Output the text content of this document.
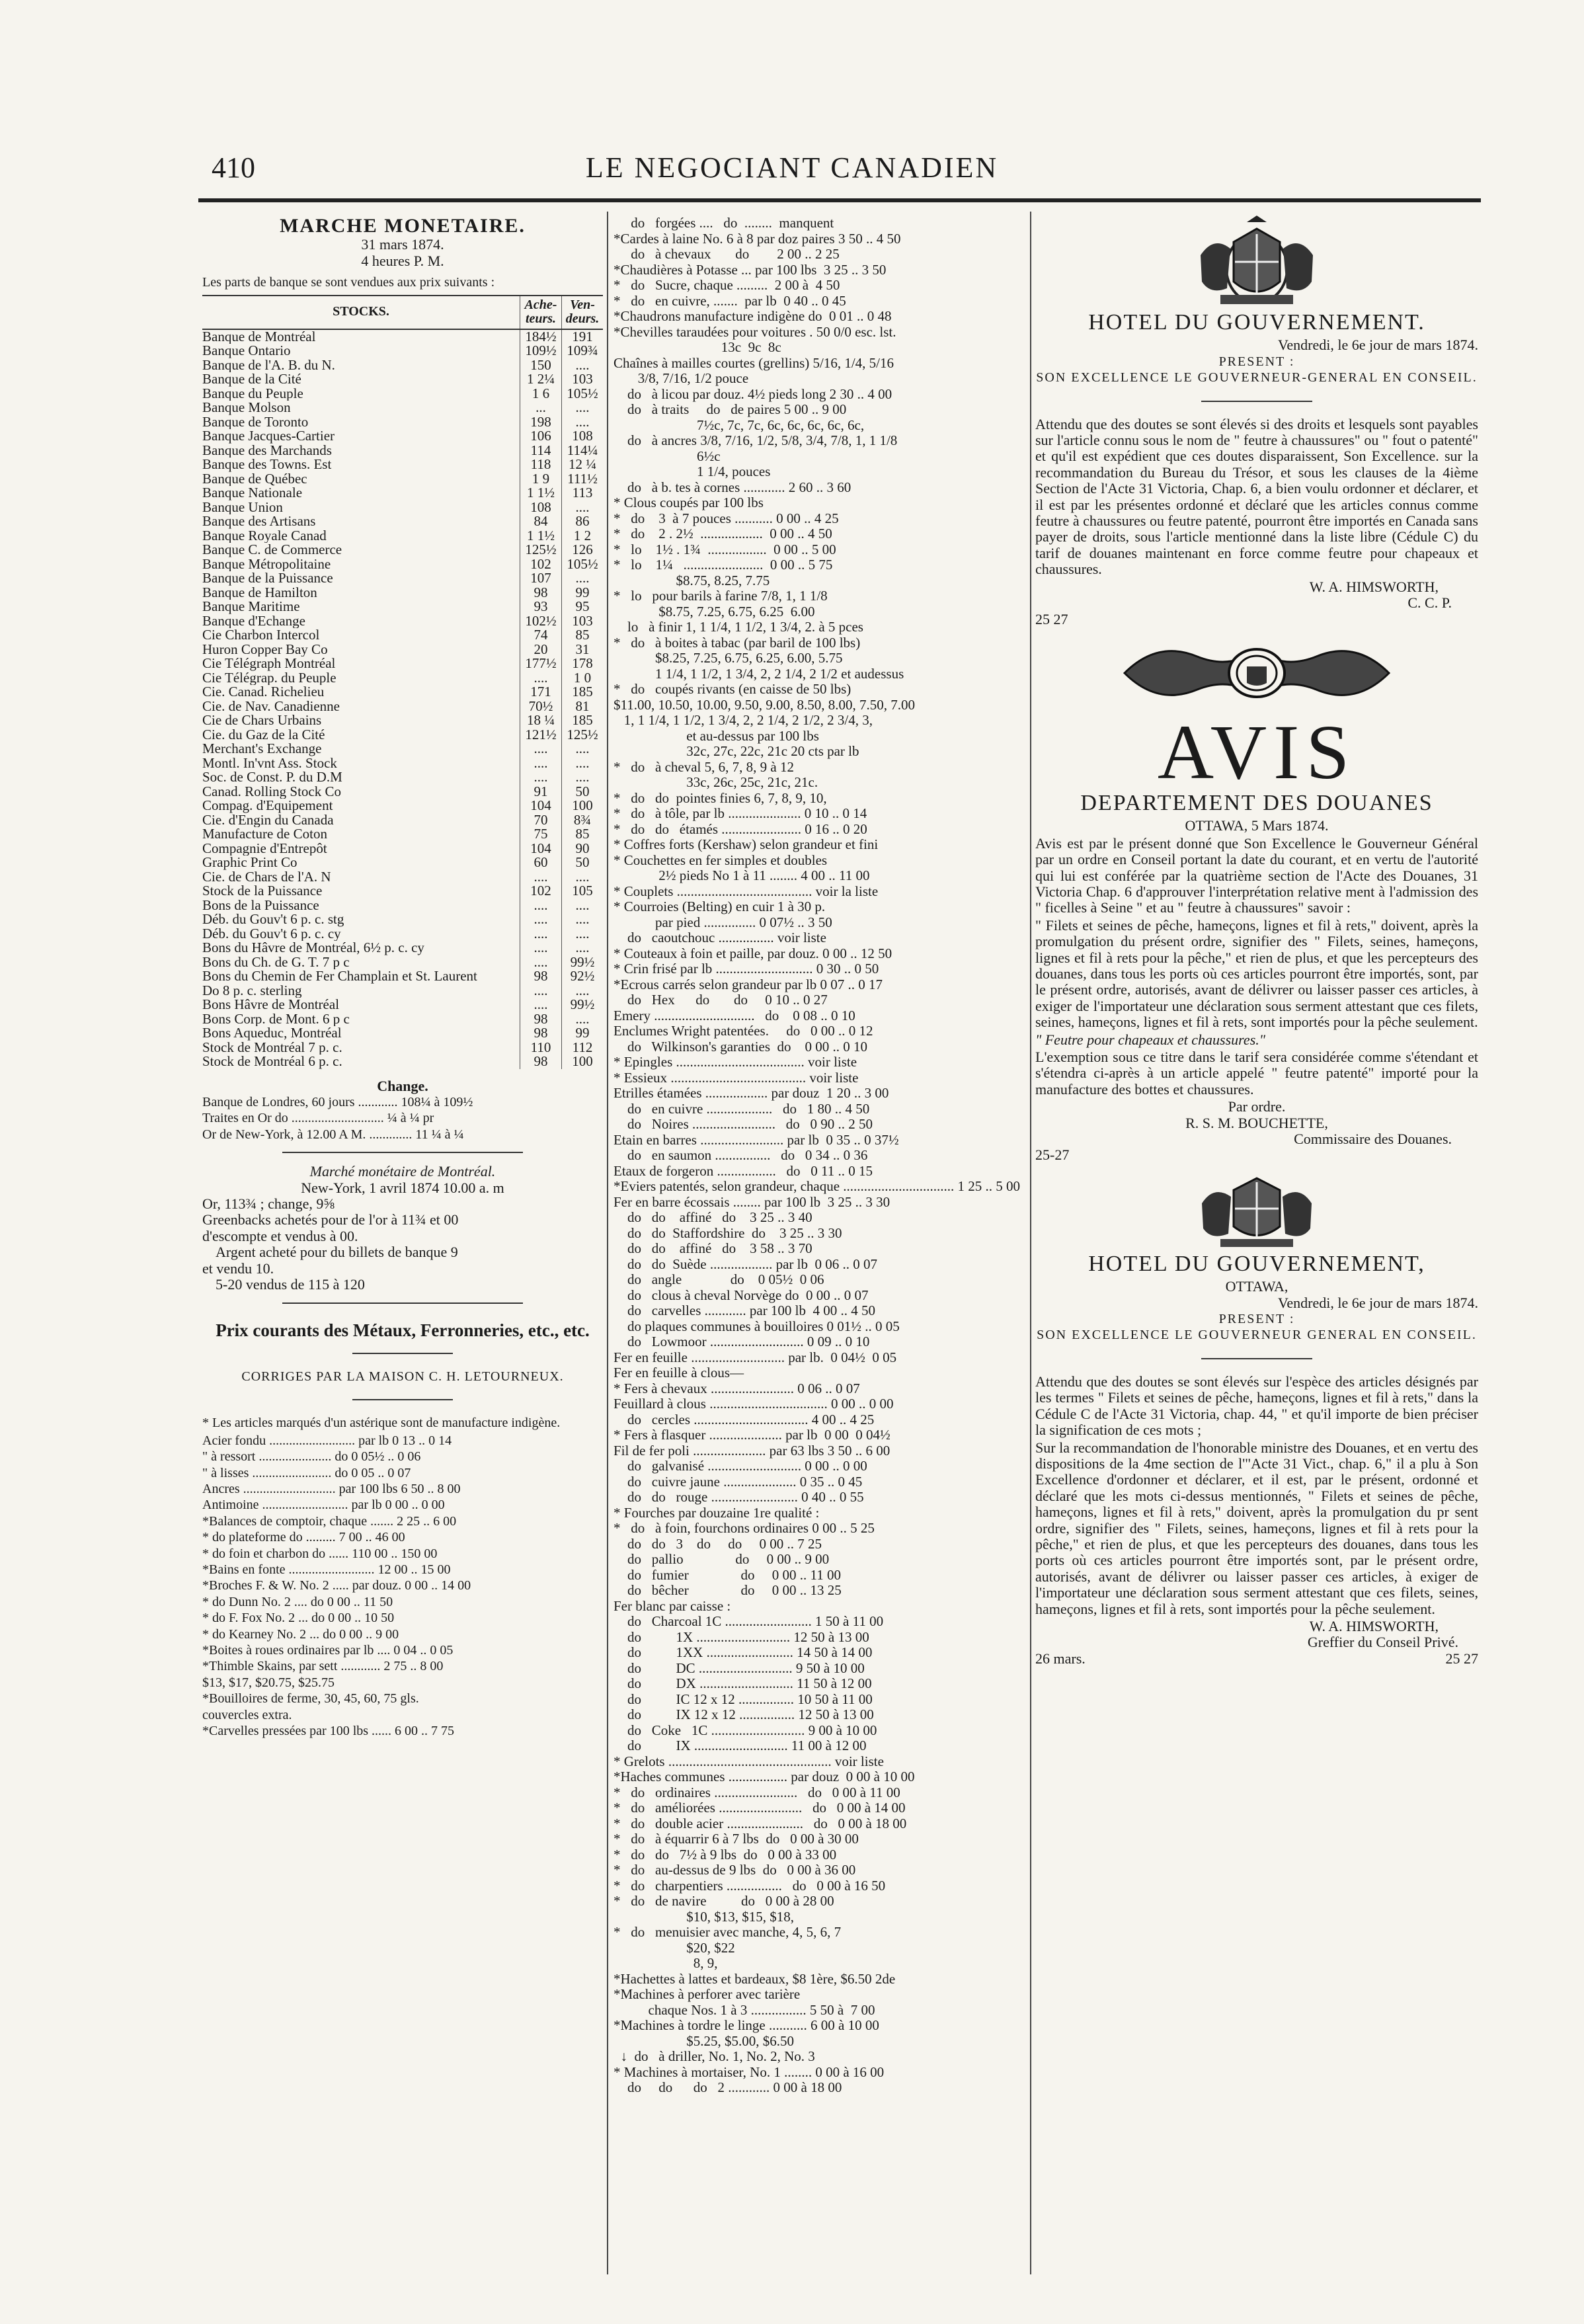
410	LE NEGOCIANT CANADIEN
MARCHE MONETAIRE.
31 mars 1874.
4 heures P. M.
Les parts de banque se sont vendues aux prix suivants :
STOCKS.	Ache-teurs.	Ven-deurs.
Banque de Montréal	184½	191
Banque Ontario	109½	109¾
Banque de l'A. B. du N.	150	....
Banque de la Cité	1 2¼	103
Banque du Peuple	1 6	105½
Banque Molson	...	....
Banque de Toronto	198	....
Banque Jacques-Cartier	106	108
Banque des Marchands	114	114¼
Banque des Towns. Est	118	12 ¼
Banque de Québec	1 9	111½
Banque Nationale	1 1½	113
Banque Union	108	....
Banque des Artisans	84	86
Banque Royale Canad	1 1½	1 2
Banque C. de Commerce	125½	126
Banque Métropolitaine	102	105½
Banque de la Puissance	107	....
Banque de Hamilton	98	99
Banque Maritime	93	95
Banque d'Echange	102½	103
Cie Charbon Intercol	74	85
Huron Copper Bay Co	20	31
Cie Télégraph Montréal	177½	178
Cie Télégrap. du Peuple	....	1 0
Cie. Canad. Richelieu	171	185
Cie. de Nav. Canadienne	70½	81
Cie de Chars Urbains	18 ¼	185
Cie. du Gaz de la Cité	121½	125½
Merchant's Exchange	....	....
Montl. In'vnt Ass. Stock	....	....
Soc. de Const. P. du D.M	....	....
Canad. Rolling Stock Co	91	50
Compag. d'Equipement	104	100
Cie. d'Engin du Canada	70	8¾
Manufacture de Coton	75	85
Compagnie d'Entrepôt	104	90
Graphic Print Co	60	50
Cie. de Chars de l'A. N	....	....
Stock de la Puissance	102	105
Bons de la Puissance	....	....
Déb. du Gouv't 6 p. c. stg	....	....
Déb. du Gouv't 6 p. c. cy	....	....
Bons du Hâvre de Montréal, 6½ p. c. cy	....	....
Bons du Ch. de G. T. 7 p c	....	99½
Bons du Chemin de Fer Champlain et St. Laurent	98	92½
Do 8 p. c. sterling	....	....
Bons Hâvre de Montréal	....	99½
Bons Corp. de Mont. 6 p c	98	....
Bons Aqueduc, Montréal	98	99
Stock de Montréal 7 p. c.	110	112
Stock de Montréal 6 p. c.	98	100
Change.
Banque de Londres, 60 jours ............ 108¼ à 109½
Traites en Or do ............................ ¼ à ¼ pr
Or de New-York, à 12.00 A M. ............. 11 ¼ à ¼
Marché monétaire de Montréal.
New-York, 1 avril 1874 10.00 a. m
Or, 113¾ ; change, 9⅝
Greenbacks achetés pour de l'or à 11¾ et 00
d'escompte et vendus à 00.
Argent acheté pour du billets de banque 9
et vendu 10.
5-20 vendus de 115 à 120
Prix courants des Métaux, Ferronneries, etc., etc.
CORRIGES PAR LA MAISON C. H. LETOURNEUX.
* Les articles marqués d'un astérique sont de manufacture indigène.
Acier fondu .......................... par lb 0 13 .. 0 14
" à ressort ...................... do 0 05½ .. 0 06
" à lisses ........................ do 0 05 .. 0 07
Ancres ............................ par 100 lbs 6 50 .. 8 00
Antimoine .......................... par lb 0 00 .. 0 00
*Balances de comptoir, chaque ....... 2 25 .. 6 00
* do plateforme do ......... 7 00 .. 46 00
* do foin et charbon do ...... 110 00 .. 150 00
*Bains en fonte .......................... 12 00 .. 15 00
*Broches F. & W. No. 2 ..... par douz. 0 00 .. 14 00
* do Dunn No. 2 .... do 0 00 .. 11 50
* do F. Fox No. 2 ... do 0 00 .. 10 50
* do Kearney No. 2 ... do 0 00 .. 9 00
*Boites à roues ordinaires par lb .... 0 04 .. 0 05
*Thimble Skains, par sett ............ 2 75 .. 8 00
$13, $17, $20.75, $25.75
*Bouilloires de ferme, 30, 45, 60, 75 gls.
couvercles extra.
*Carvelles pressées par 100 lbs ...... 6 00 .. 7 75
do   forgées ....   do  ........  manquent
*Cardes à laine No. 6 à 8 par doz paires 3 50 .. 4 50
do   à chevaux       do        2 00 .. 2 25
*Chaudières à Potasse ... par 100 lbs  3 25 .. 3 50
*   do   Sucre, chaque .........  2 00 à  4 50
*   do   en cuivre, .......  par lb  0 40 .. 0 45
*Chaudrons manufacture indigène do  0 01 .. 0 48
*Chevilles taraudées pour voitures . 50 0/0 esc. lst.
13c  9c  8c
Chaînes à mailles courtes (grellins) 5/16, 1/4, 5/16
3/8, 7/16, 1/2 pouce
do   à licou par douz. 4½ pieds long 2 30 .. 4 00
do   à traits     do   de paires 5 00 .. 9 00
7½c, 7c, 7c, 6c, 6c, 6c, 6c, 6c,
do   à ancres 3/8, 7/16, 1/2, 5/8, 3/4, 7/8, 1, 1 1/8
6½c
1 1/4, pouces
do   à b. tes à cornes ............ 2 60 .. 3 60
* Clous coupés par 100 lbs
*   do    3  à 7 pouces ........... 0 00 .. 4 25
*   do    2 . 2½  ..................  0 00 .. 4 50
*   lo    1½ . 1¾  .................  0 00 .. 5 00
*   lo    1¼   .......................  0 00 .. 5 75
$8.75, 8.25, 7.75
*   lo   pour barils à farine 7/8, 1, 1 1/8
$8.75, 7.25, 6.75, 6.25  6.00
lo   à finir 1, 1 1/4, 1 1/2, 1 3/4, 2. à 5 pces
*   do   à boites à tabac (par baril de 100 lbs)
$8.25, 7.25, 6.75, 6.25, 6.00, 5.75
1 1/4, 1 1/2, 1 3/4, 2, 2 1/4, 2 1/2 et audessus
*   do   coupés rivants (en caisse de 50 lbs)
$11.00, 10.50, 10.00, 9.50, 9.00, 8.50, 8.00, 7.50, 7.00
1, 1 1/4, 1 1/2, 1 3/4, 2, 2 1/4, 2 1/2, 2 3/4, 3,
et au-dessus par 100 lbs
32c, 27c, 22c, 21c 20 cts par lb
*   do   à cheval 5, 6, 7, 8, 9 à 12
33c, 26c, 25c, 21c, 21c.
*   do   do  pointes finies 6, 7, 8, 9, 10,
*   do   à tôle, par lb ..................... 0 10 .. 0 14
*   do   do   étamés ....................... 0 16 .. 0 20
* Coffres forts (Kershaw) selon grandeur et fini
* Couchettes en fer simples et doubles
2½ pieds No 1 à 11 ........ 4 00 .. 11 00
* Couplets ....................................... voir la liste
* Courroies (Belting) en cuir 1 à 30 p.
par pied ............... 0 07½ .. 3 50
do   caoutchouc ................ voir liste
* Couteaux à foin et paille, par douz. 0 00 .. 12 50
* Crin frisé par lb ............................ 0 30 .. 0 50
*Ecrous carrés selon grandeur par lb 0 07 .. 0 17
do   Hex      do       do     0 10 .. 0 27
Emery .............................   do    0 08 .. 0 10
Enclumes Wright patentées.     do   0 00 .. 0 12
do   Wilkinson's garanties  do    0 00 .. 0 10
* Epingles ..................................... voir liste
* Essieux ....................................... voir liste
Etrilles étamées .................. par douz  1 20 .. 3 00
do   en cuivre ...................   do   1 80 .. 4 50
do   Noires ........................   do   0 90 .. 2 50
Etain en barres ........................ par lb  0 35 .. 0 37½
do   en saumon ................   do   0 34 .. 0 36
Etaux de forgeron .................   do   0 11 .. 0 15
*Eviers patentés, selon grandeur, chaque ................................ 1 25 .. 5 00
Fer en barre écossais ........ par 100 lb  3 25 .. 3 30
do   do    affiné   do    3 25 .. 3 40
do   do  Staffordshire  do    3 25 .. 3 30
do   do    affiné   do    3 58 .. 3 70
do   do  Suède .................. par lb  0 06 .. 0 07
do   angle              do    0 05½  0 06
do   clous à cheval Norvège do  0 00 .. 0 07
do   carvelles ............ par 100 lb  4 00 .. 4 50
do plaques communes à bouilloires 0 01½ .. 0 05
do   Lowmoor ........................... 0 09 .. 0 10
Fer en feuille ........................... par lb.  0 04½  0 05
Fer en feuille à clous—
* Fers à chevaux ........................ 0 06 .. 0 07
Feuillard à clous .................................. 0 00 .. 0 00
do   cercles ................................. 4 00 .. 4 25
* Fers à flasquer ..................... par lb  0 00  0 04½
Fil de fer poli ..................... par 63 lbs 3 50 .. 6 00
do   galvanisé ........................... 0 00 .. 0 00
do   cuivre jaune ..................... 0 35 .. 0 45
do   do   rouge ......................... 0 40 .. 0 55
* Fourches par douzaine 1re qualité :
*   do   à foin, fourchons ordinaires 0 00 .. 5 25
do   do   3    do     do     0 00 .. 7 25
do   pallio               do     0 00 .. 9 00
do   fumier               do     0 00 .. 11 00
do   bêcher               do     0 00 .. 13 25
Fer blanc par caisse :
do   Charcoal 1C ......................... 1 50 à 11 00
do          1X ........................... 12 50 à 13 00
do          1XX ......................... 14 50 à 14 00
do          DC ........................... 9 50 à 10 00
do          DX ........................... 11 50 à 12 00
do          IC 12 x 12 ................ 10 50 à 11 00
do          IX 12 x 12 ................ 12 50 à 13 00
do   Coke   1C ........................... 9 00 à 10 00
do          IX ........................... 11 00 à 12 00
* Grelots ............................................... voir liste
*Haches communes ................. par douz  0 00 à 10 00
*   do   ordinaires ........................   do   0 00 à 11 00
*   do   améliorées ........................   do   0 00 à 14 00
*   do   double acier ......................   do   0 00 à 18 00
*   do   à équarrir 6 à 7 lbs  do   0 00 à 30 00
*   do   do   7½ à 9 lbs  do   0 00 à 33 00
*   do   au-dessus de 9 lbs  do   0 00 à 36 00
*   do   charpentiers ................   do   0 00 à 16 50
*   do   de navire          do   0 00 à 28 00
$10, $13, $15, $18,
*   do   menuisier avec manche, 4, 5, 6, 7
$20, $22
8, 9,
*Hachettes à lattes et bardeaux, $8 1ère, $6.50 2de
*Machines à perforer avec tarière
chaque Nos. 1 à 3 ................ 5 50 à  7 00
*Machines à tordre le linge ........... 6 00 à 10 00
$5.25, $5.00, $6.50
↓  do   à driller, No. 1, No. 2, No. 3
* Machines à mortaiser, No. 1 ........ 0 00 à 16 00
do     do      do   2 ............ 0 00 à 18 00
HOTEL DU GOUVERNEMENT.
Vendredi, le 6e jour de mars 1874.
PRESENT :
SON EXCELLENCE LE GOUVERNEUR-GENERAL EN CONSEIL.
Attendu que des doutes se sont élevés si des droits et lesquels sont payables sur l'article connu sous le nom de " feutre à chaussures" ou " fout o patenté" et qu'il est expédient que ces doutes disparaissent, Son Excellence. sur la recommandation du Bureau du Trésor, et sous les clauses de la 4ième Section de l'Acte 31 Victoria, Chap. 6, a bien voulu ordonner et déclarer, et il est par les présentes ordonné et déclaré que les articles connus comme feutre à chaussures ou feutre patenté, pourront être importés en Canada sans payer de droits, sous l'article mentionné dans la liste libre (Cédule C) du tarif de douanes maintenant en force comme feutre pour chapeaux et chaussures.
W. A. HIMSWORTH,
C. C. P.
25 27
AVIS
DEPARTEMENT DES DOUANES
OTTAWA, 5 Mars 1874.
Avis est par le présent donné que Son Excellence le Gouverneur Général par un ordre en Conseil portant la date du courant, et en vertu de l'autorité qui lui est conférée par la quatrième section de l'Acte des Douanes, 31 Victoria Chap. 6 d'approuver l'interprétation relative ment à l'admission des " ficelles à Seine " et au " feutre à chaussures" savoir :
" Filets et seines de pêche, hameçons, lignes et fil à rets," doivent, après la promulgation du présent ordre, signifier des " Filets, seines, hameçons, lignes et fil à rets pour la pêche," et rien de plus, et que les percepteurs des douanes, dans tous les ports où ces articles pourront être importés, sont, par le présent ordre, autorisés, avant de délivrer ou laisser passer ces articles, à exiger de l'importateur une déclaration sous serment attestant que ces filets, seines, hameçons, lignes et fil à rets, sont importés pour la pêche seulement.
" Feutre pour chapeaux et chaussures."
L'exemption sous ce titre dans le tarif sera considérée comme s'étendant et s'étendra ci-après à un article appelé " feutre patenté" importé pour la manufacture des bottes et chaussures.
Par ordre.
R. S. M. BOUCHETTE,
Commissaire des Douanes.
25-27
HOTEL DU GOUVERNEMENT,
OTTAWA,
Vendredi, le 6e jour de mars 1874.
PRESENT :
SON EXCELLENCE LE GOUVERNEUR GENERAL EN CONSEIL.
Attendu que des doutes se sont élevés sur l'espèce des articles désignés par les termes " Filets et seines de pêche, hameçons, lignes et fil à rets," dans la Cédule C de l'Acte 31 Victoria, chap. 44, " et qu'il importe de bien préciser la signification de ces mots ;
Sur la recommandation de l'honorable ministre des Douanes, et en vertu des dispositions de la 4me section de l'"Acte 31 Vict., chap. 6," il a plu à Son Excellence d'ordonner et déclarer, et il est, par le présent, ordonné et déclaré que les mots ci-dessus mentionnés, " Filets et seines de pêche, hameçons, lignes et fil à rets," doivent, après la promulgation du pr sent ordre, signifier des " Filets, seines, hameçons, lignes et fil à rets pour la pêche," et rien de plus, et que les percepteurs des douanes, dans tous les ports où ces articles pourront être importés sont, par le présent ordre, autorisés, avant de délivrer ou laisser passer ces articles, à exiger de l'importateur une déclaration sous serment attestant que ces filets, seines, hameçons, lignes et fil à rets, sont importés pour la pêche seulement.
W. A. HIMSWORTH,
Greffier du Conseil Privé.
26 mars.	25 27
